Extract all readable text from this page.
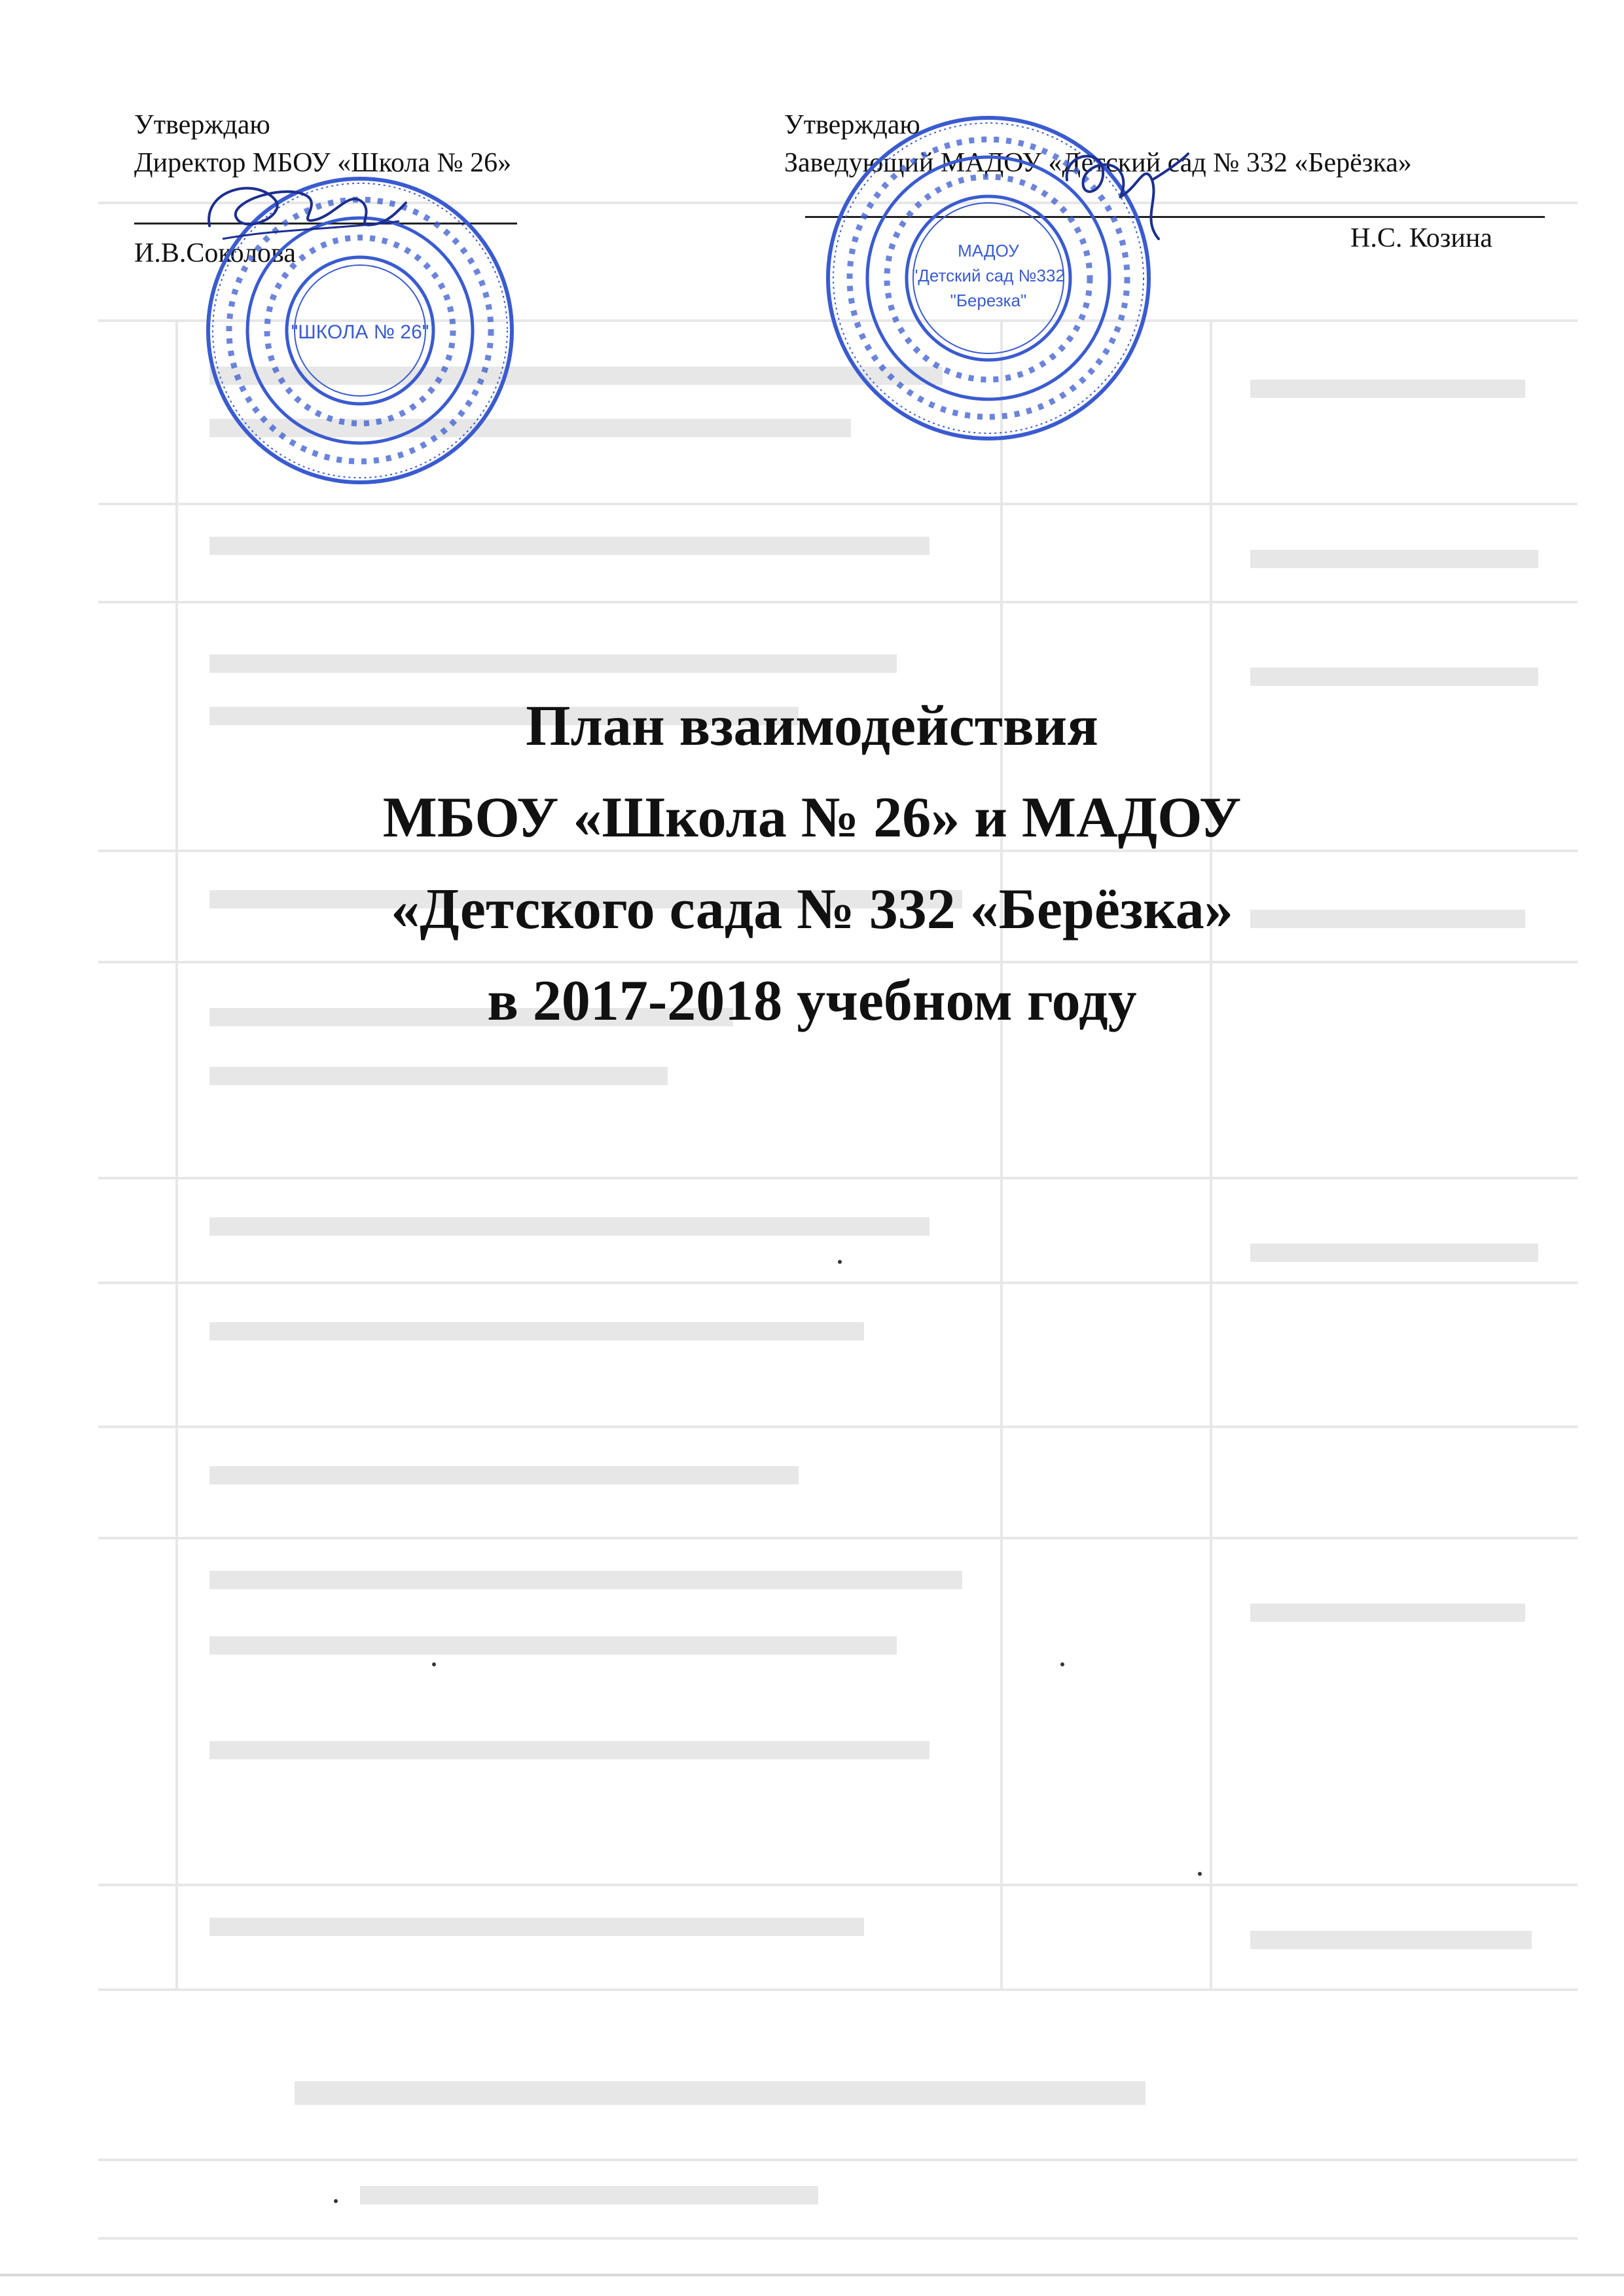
Утверждаю
Директор МБОУ «Школа № 26»
И.В.Соколова
Утверждаю
Заведующий МАДОУ «Детский сад № 332 «Берёзка»
Н.С. Козина
"ШКОЛА № 26"
МАДОУ
"Детский сад №332
"Березка"
План взаимодействия
МБОУ «Школа № 26» и МАДОУ
«Детского сада № 332 «Берёзка»
в 2017-2018 учебном году
